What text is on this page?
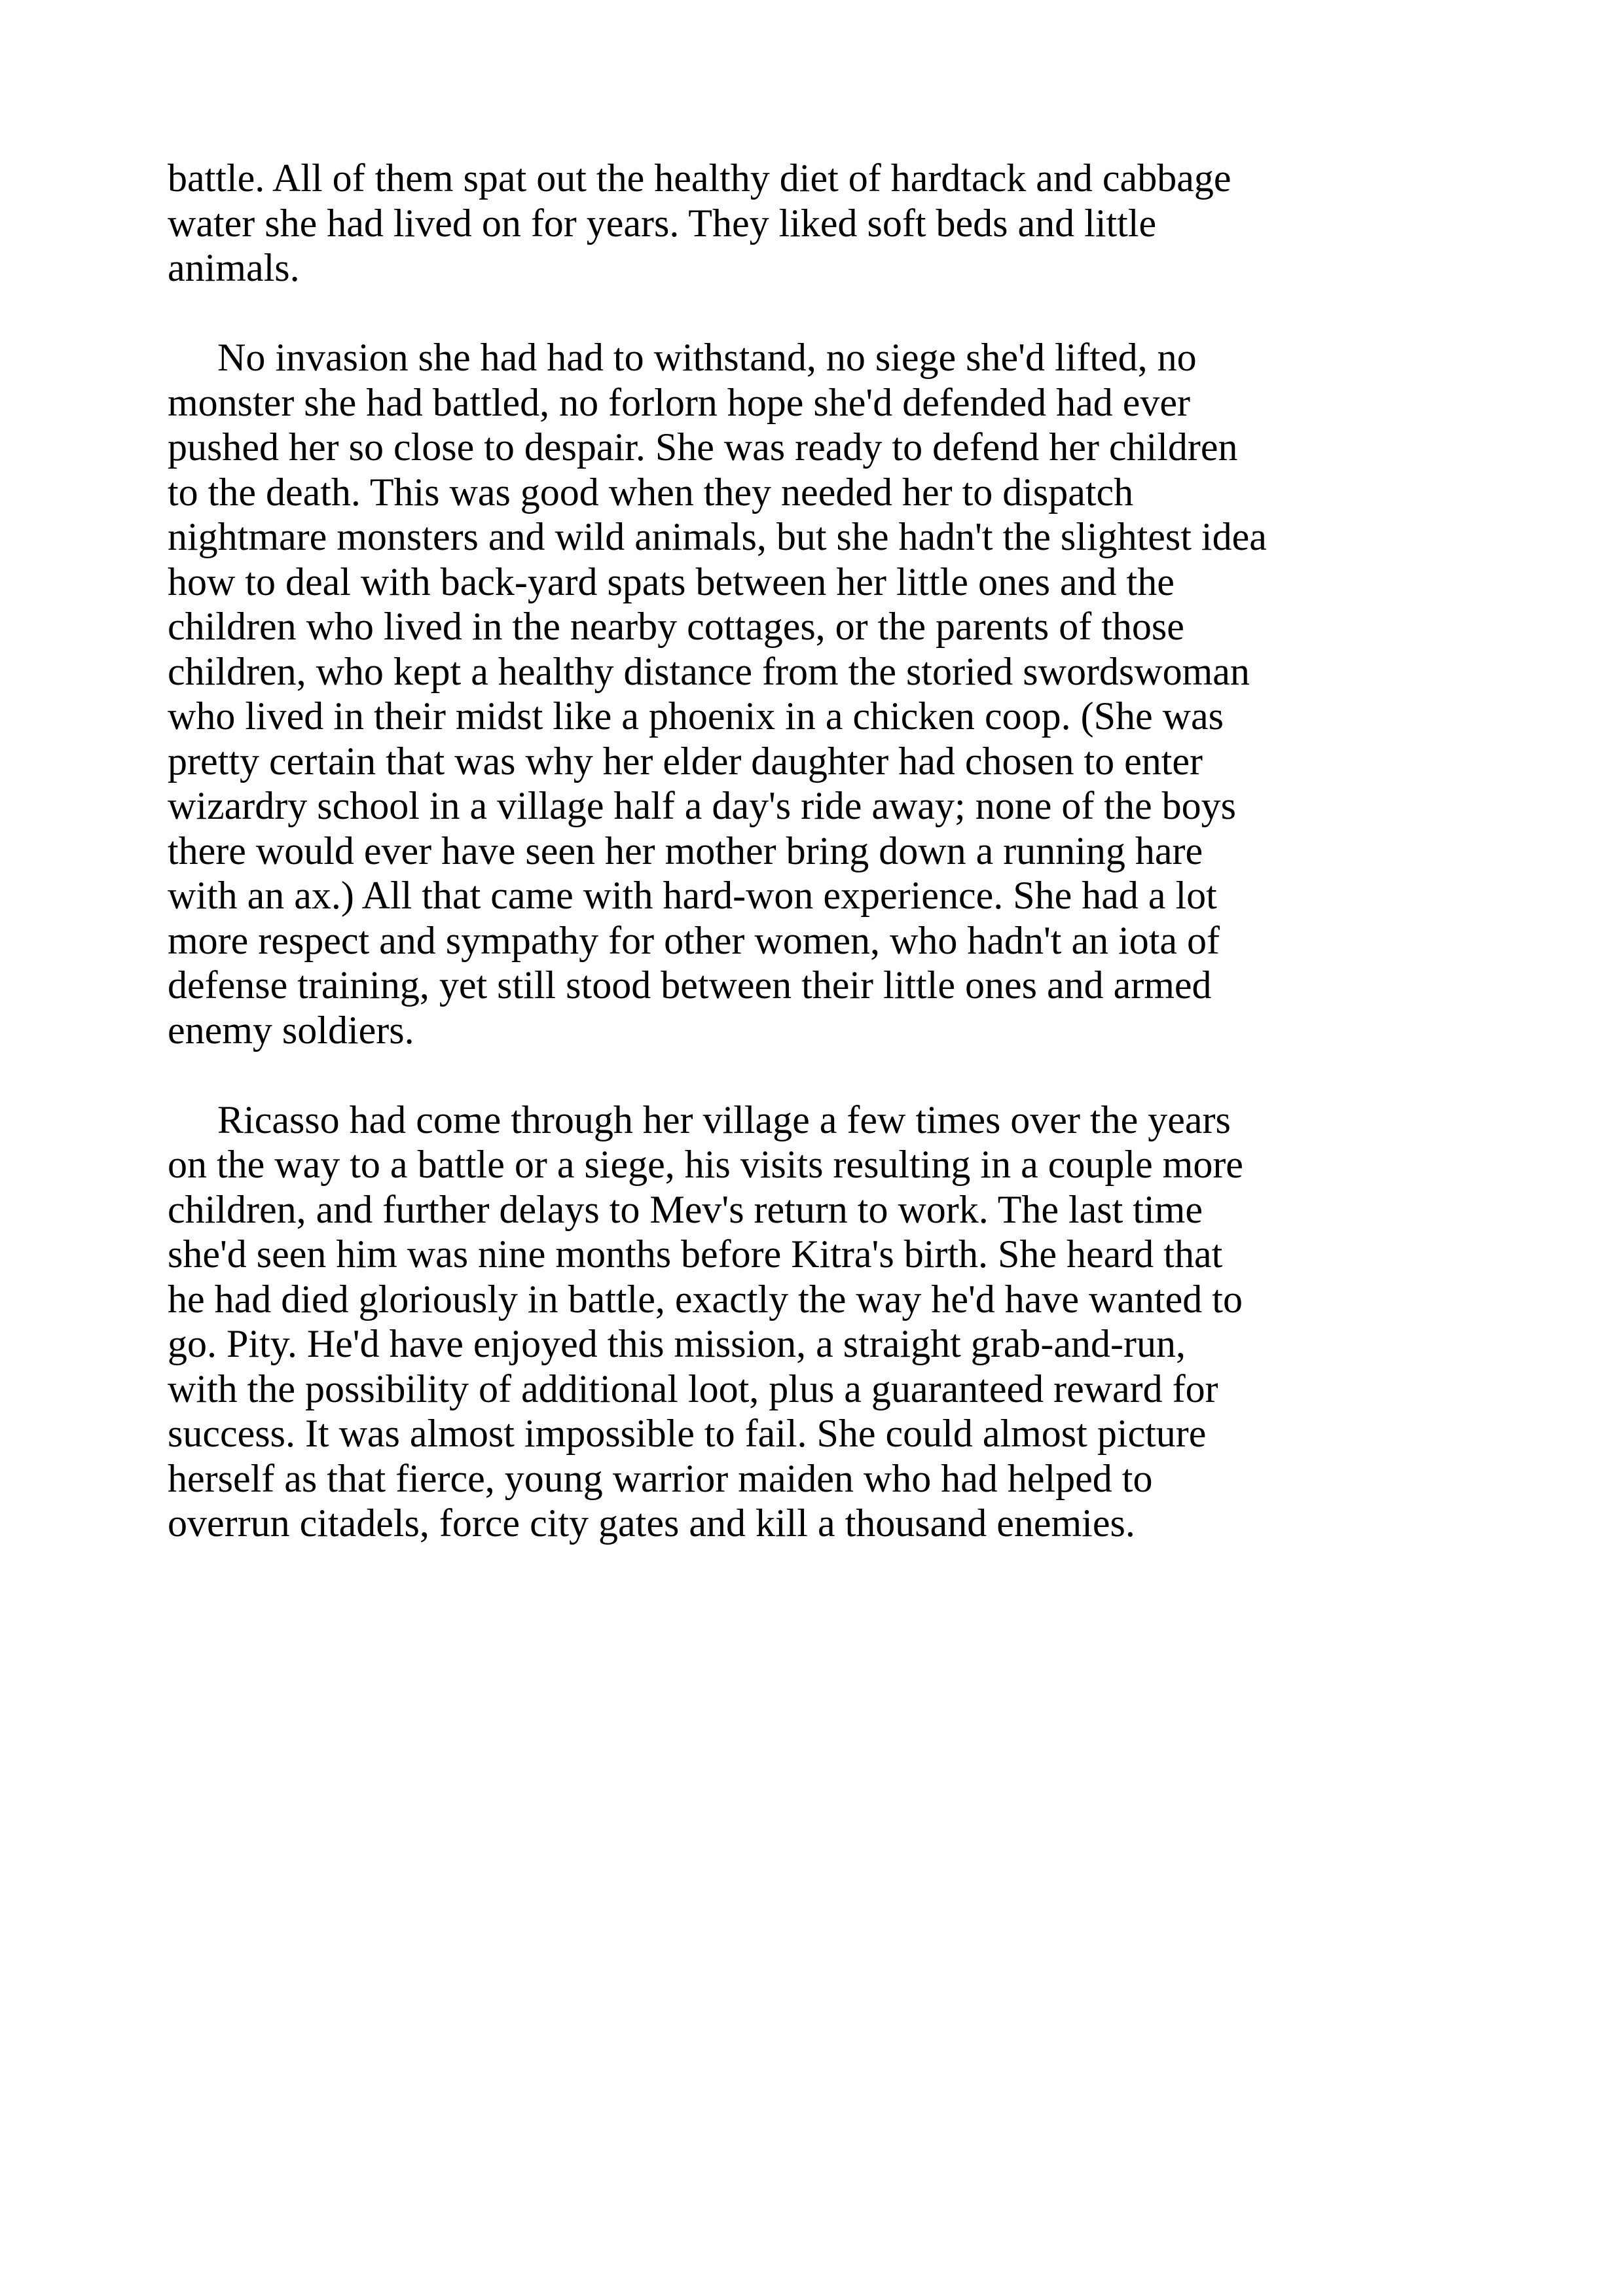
battle. All of them spat out the healthy diet of hardtack and cabbage
water she had lived on for years. They liked soft beds and little
animals.

No invasion she had had to withstand, no siege she'd lifted, no
monster she had battled, no forlorn hope she'd defended had ever
pushed her so close to despair. She was ready to defend her children
to the death. This was good when they needed her to dispatch
nightmare monsters and wild animals, but she hadn't the slightest idea
how to deal with back-yard spats between her little ones and the
children who lived in the nearby cottages, or the parents of those
children, who kept a healthy distance from the storied swordswoman
who lived in their midst like a phoenix in a chicken coop. (She was
pretty certain that was why her elder daughter had chosen to enter
wizardry school in a village half a day's ride away; none of the boys
there would ever have seen her mother bring down a running hare
with an ax.) All that came with hard-won experience. She had a lot
more respect and sympathy for other women, who hadn't an iota of
defense training, yet still stood between their little ones and armed
enemy soldiers.

Ricasso had come through her village a few times over the years
on the way to a battle or a siege, his visits resulting in a couple more
children, and further delays to Mev's return to work. The last time
she'd seen him was nine months before Kitra's birth. She heard that
he had died gloriously in battle, exactly the way he'd have wanted to
go. Pity. He'd have enjoyed this mission, a straight grab-and-run,
with the possibility of additional loot, plus a guaranteed reward for
success. It was almost impossible to fail. She could almost picture
herself as that fierce, young warrior maiden who had helped to
overrun citadels, force city gates and kill a thousand enemies.
